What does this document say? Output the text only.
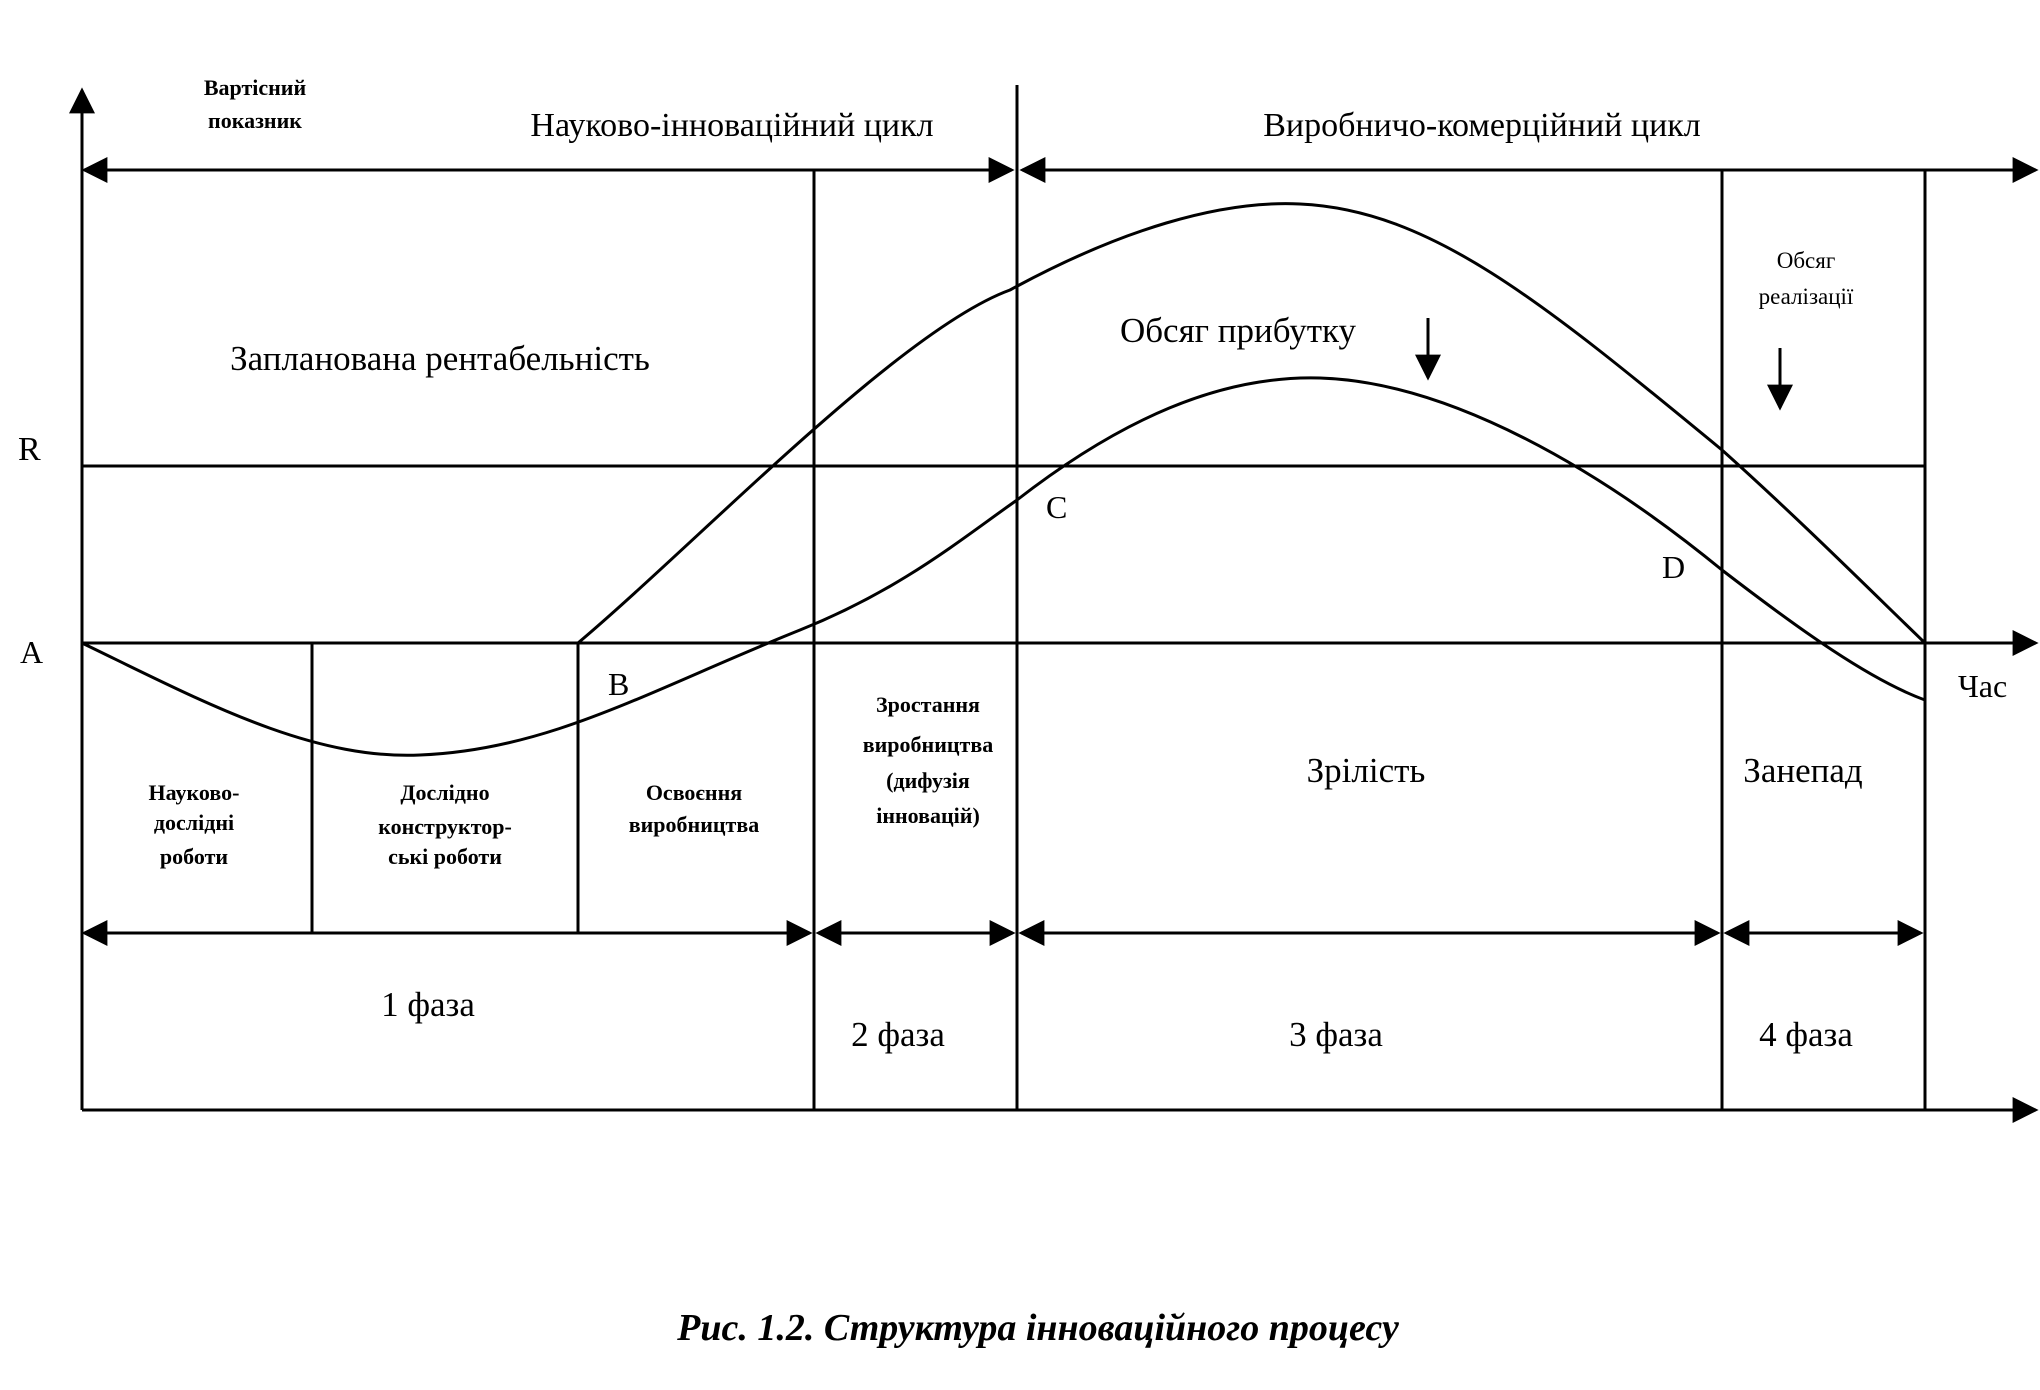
Вартісний
показник
R
A
Час
Науково-інноваційний цикл	Виробничо-комерційний цикл
Запланована рентабельність
Обсяг прибутку
Обсяг
реалізації
B
C
D
Науково-
дослідні
роботи
Дослідно
конструктор-
ські роботи
Освоєння
виробництва
Зростання
виробництва
(дифузія
інновацій)
Зрілість	Занепад
1 фаза
2 фаза	3 фаза	4 фаза
Рис. 1.2. Структура інноваційного процесу
